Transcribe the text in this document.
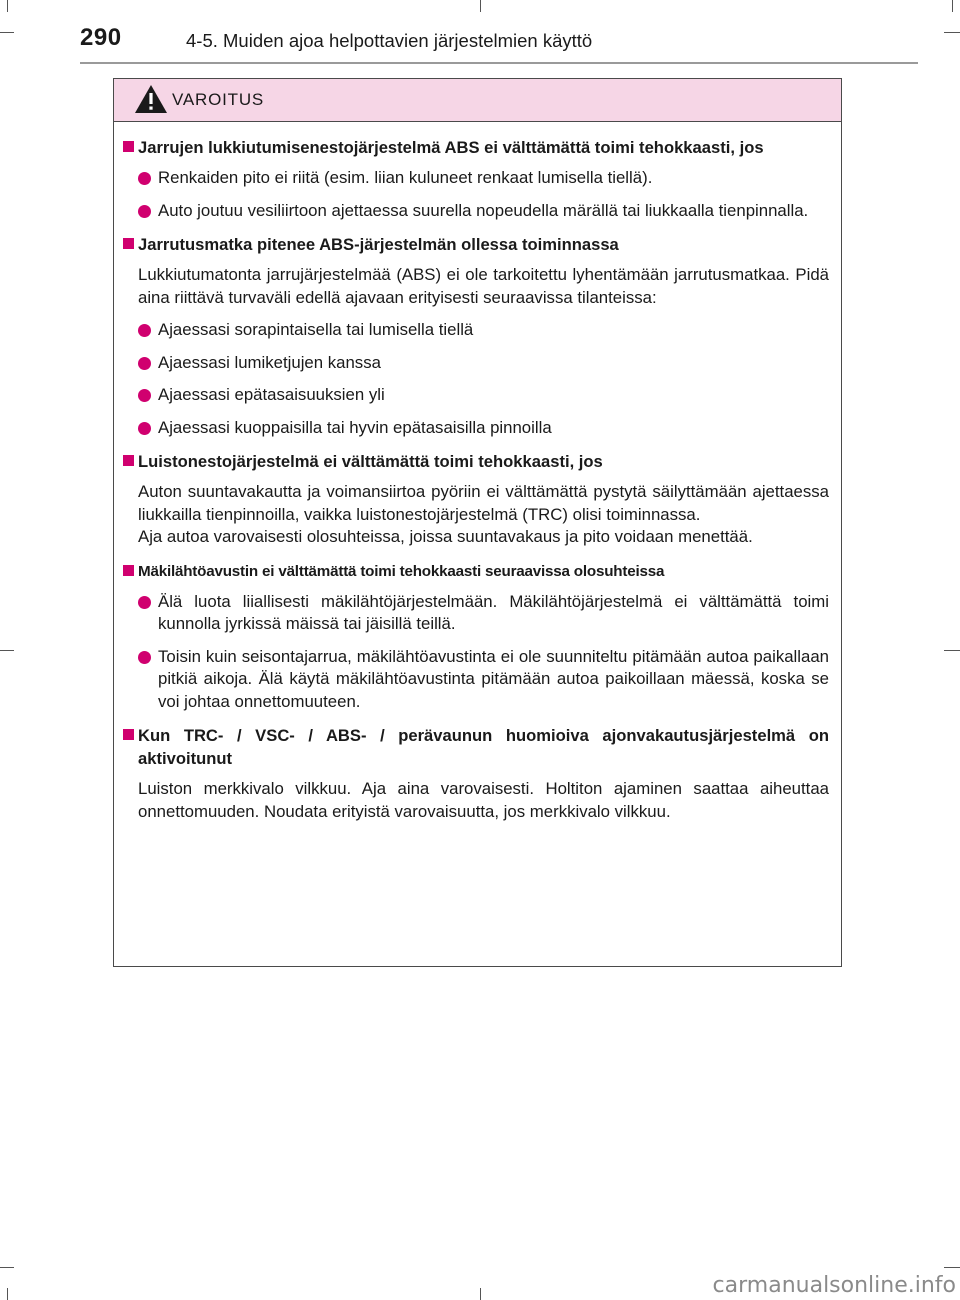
290	4-5. Muiden ajoa helpottavien järjestelmien käyttö
VAROITUS
Jarrujen lukkiutumisenestojärjestelmä ABS ei välttämättä toimi tehokkaasti, jos
Renkaiden pito ei riitä (esim. liian kuluneet renkaat lumisella tiellä).
Auto joutuu vesiliirtoon ajettaessa suurella nopeudella märällä tai liukkaalla tienpinnalla.
Jarrutusmatka pitenee ABS-järjestelmän ollessa toiminnassa
Lukkiutumatonta jarrujärjestelmää (ABS) ei ole tarkoitettu lyhentämään jarrutusmatkaa. Pidä aina riittävä turvaväli edellä ajavaan erityisesti seuraavissa tilanteissa:
Ajaessasi sorapintaisella tai lumisella tiellä
Ajaessasi lumiketjujen kanssa
Ajaessasi epätasaisuuksien yli
Ajaessasi kuoppaisilla tai hyvin epätasaisilla pinnoilla
Luistonestojärjestelmä ei välttämättä toimi tehokkaasti, jos
Auton suuntavakautta ja voimansiirtoa pyöriin ei välttämättä pystytä säilyttämään ajettaessa liukkailla tienpinnoilla, vaikka luistonestojärjestelmä (TRC) olisi toiminnassa.
Aja autoa varovaisesti olosuhteissa, joissa suuntavakaus ja pito voidaan menettää.
Mäkilähtöavustin ei välttämättä toimi tehokkaasti seuraavissa olosuhteissa
Älä luota liiallisesti mäkilähtöjärjestelmään. Mäkilähtöjärjestelmä ei välttämättä toimi kunnolla jyrkissä mäissä tai jäisillä teillä.
Toisin kuin seisontajarrua, mäkilähtöavustinta ei ole suunniteltu pitämään autoa paikallaan pitkiä aikoja. Älä käytä mäkilähtöavustinta pitämään autoa paikoillaan mäessä, koska se voi johtaa onnettomuuteen.
Kun TRC- / VSC- / ABS- / perävaunun huomioiva ajonvakautusjärjestelmä on aktivoitunut
Luiston merkkivalo vilkkuu. Aja aina varovaisesti. Holtiton ajaminen saattaa aiheuttaa onnettomuuden. Noudata erityistä varovaisuutta, jos merkkivalo vilkkuu.
carmanualsonline.info
